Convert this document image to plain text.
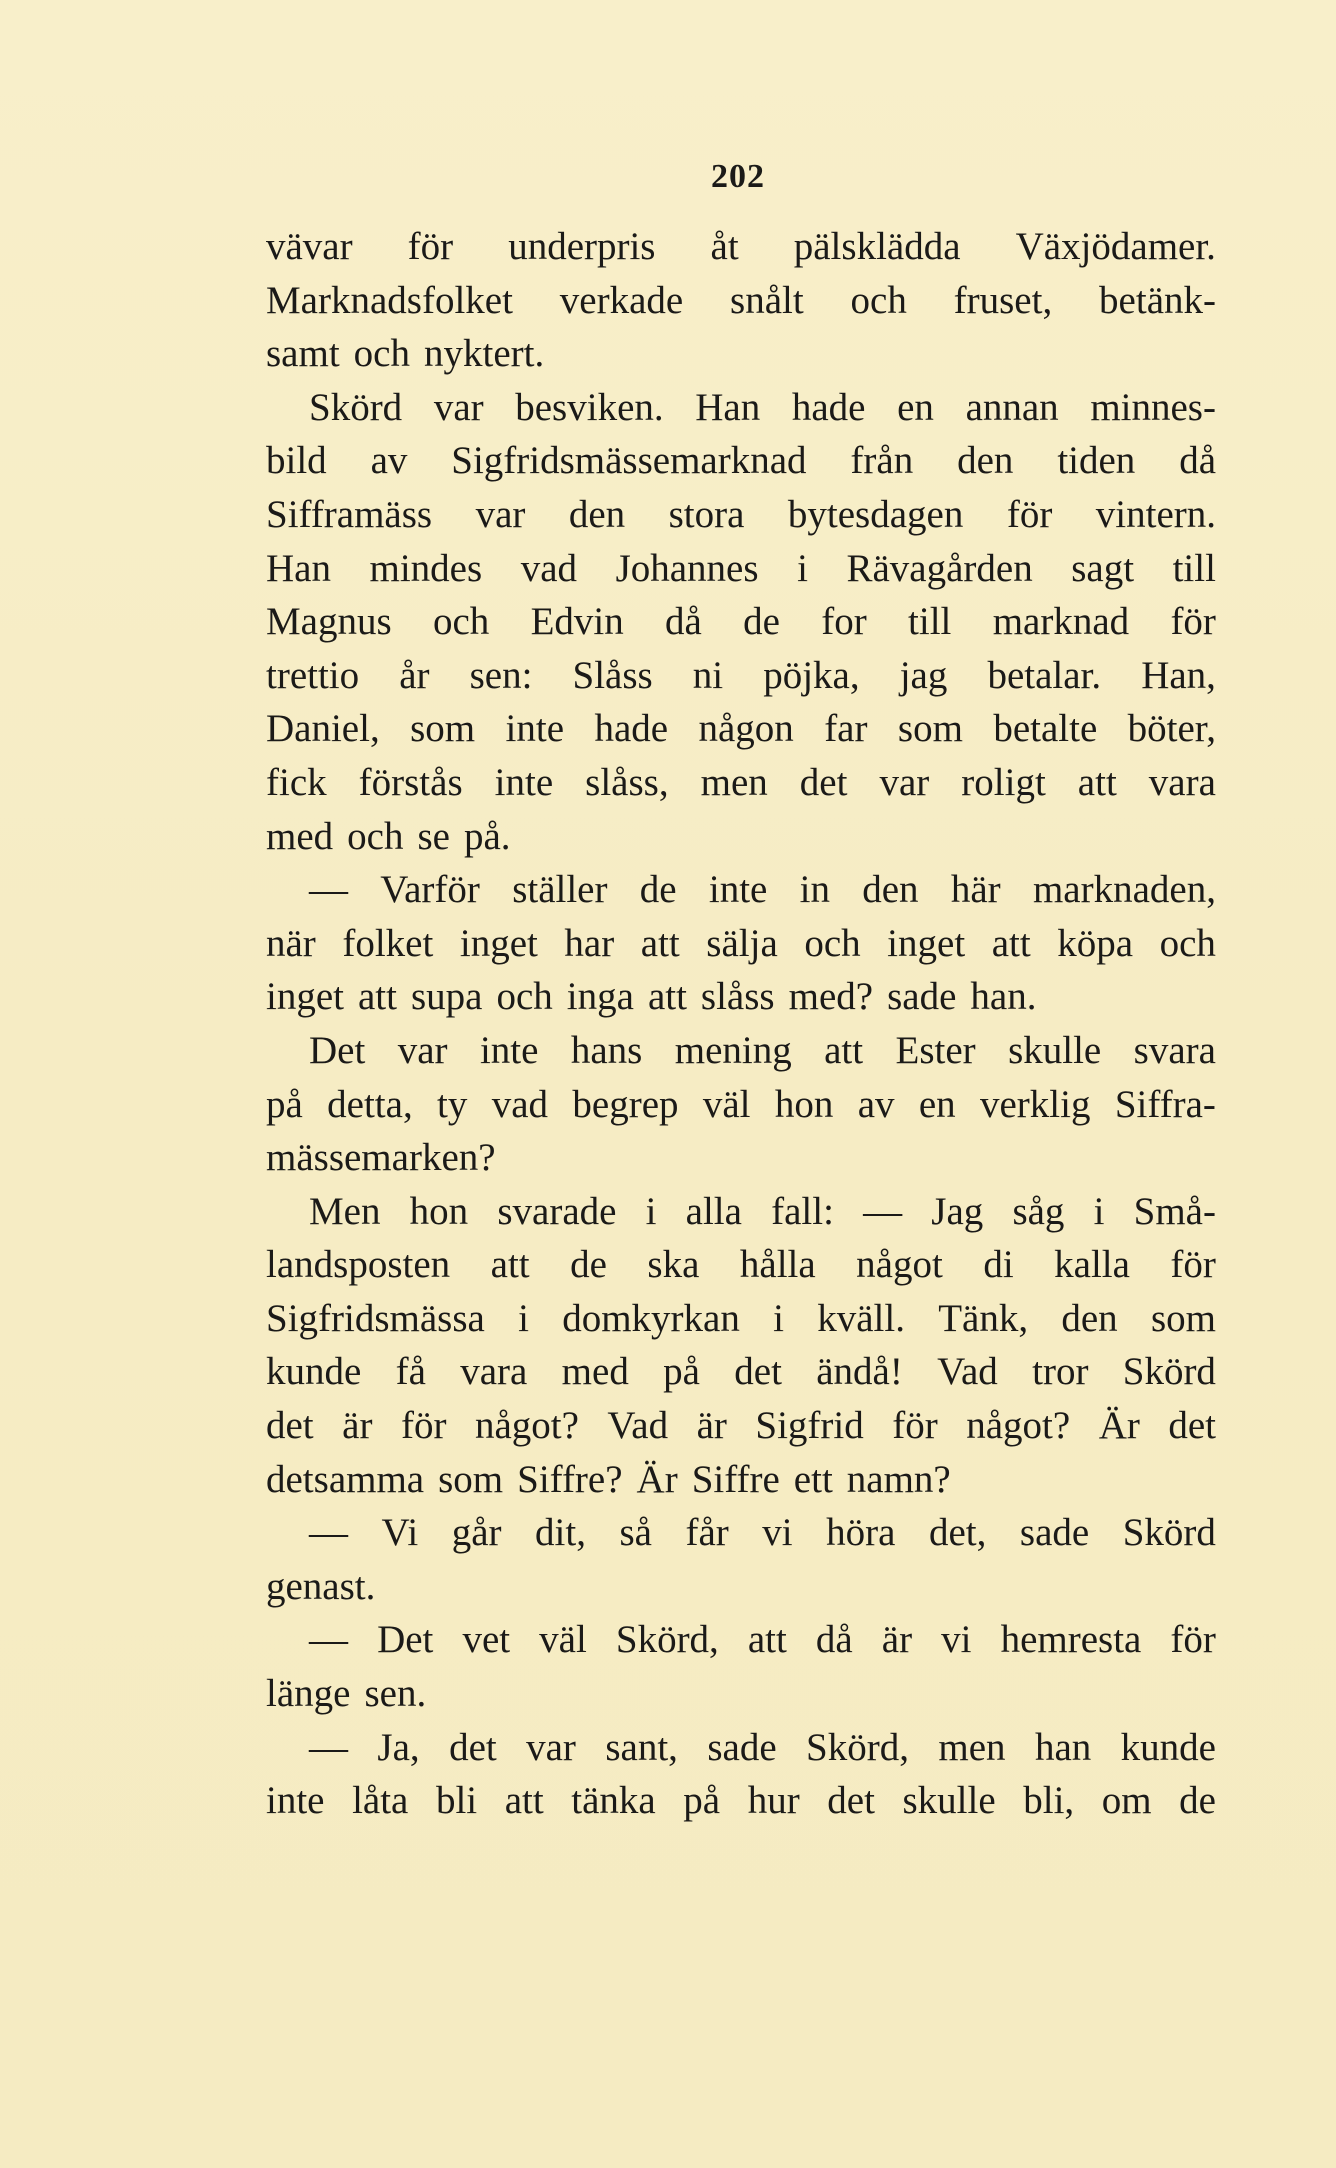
202
vävar för underpris åt pälsklädda Växjödamer.
Marknadsfolket verkade snålt och fruset, betänk-
samt och nyktert.
Skörd var besviken. Han hade en annan minnes-
bild av Sigfridsmässemarknad från den tiden då
Sifframäss var den stora bytesdagen för vintern.
Han mindes vad Johannes i Rävagården sagt till
Magnus och Edvin då de for till marknad för
trettio år sen: Slåss ni pöjka, jag betalar. Han,
Daniel, som inte hade någon far som betalte böter,
fick förstås inte slåss, men det var roligt att vara
med och se på.
— Varför ställer de inte in den här marknaden,
när folket inget har att sälja och inget att köpa och
inget att supa och inga att slåss med? sade han.
Det var inte hans mening att Ester skulle svara
på detta, ty vad begrep väl hon av en verklig Siffra-
mässemarken?
Men hon svarade i alla fall: — Jag såg i Små-
landsposten att de ska hålla något di kalla för
Sigfridsmässa i domkyrkan i kväll. Tänk, den som
kunde få vara med på det ändå! Vad tror Skörd
det är för något? Vad är Sigfrid för något? Är det
detsamma som Siffre? Är Siffre ett namn?
— Vi går dit, så får vi höra det, sade Skörd
genast.
— Det vet väl Skörd, att då är vi hemresta för
länge sen.
— Ja, det var sant, sade Skörd, men han kunde
inte låta bli att tänka på hur det skulle bli, om de
